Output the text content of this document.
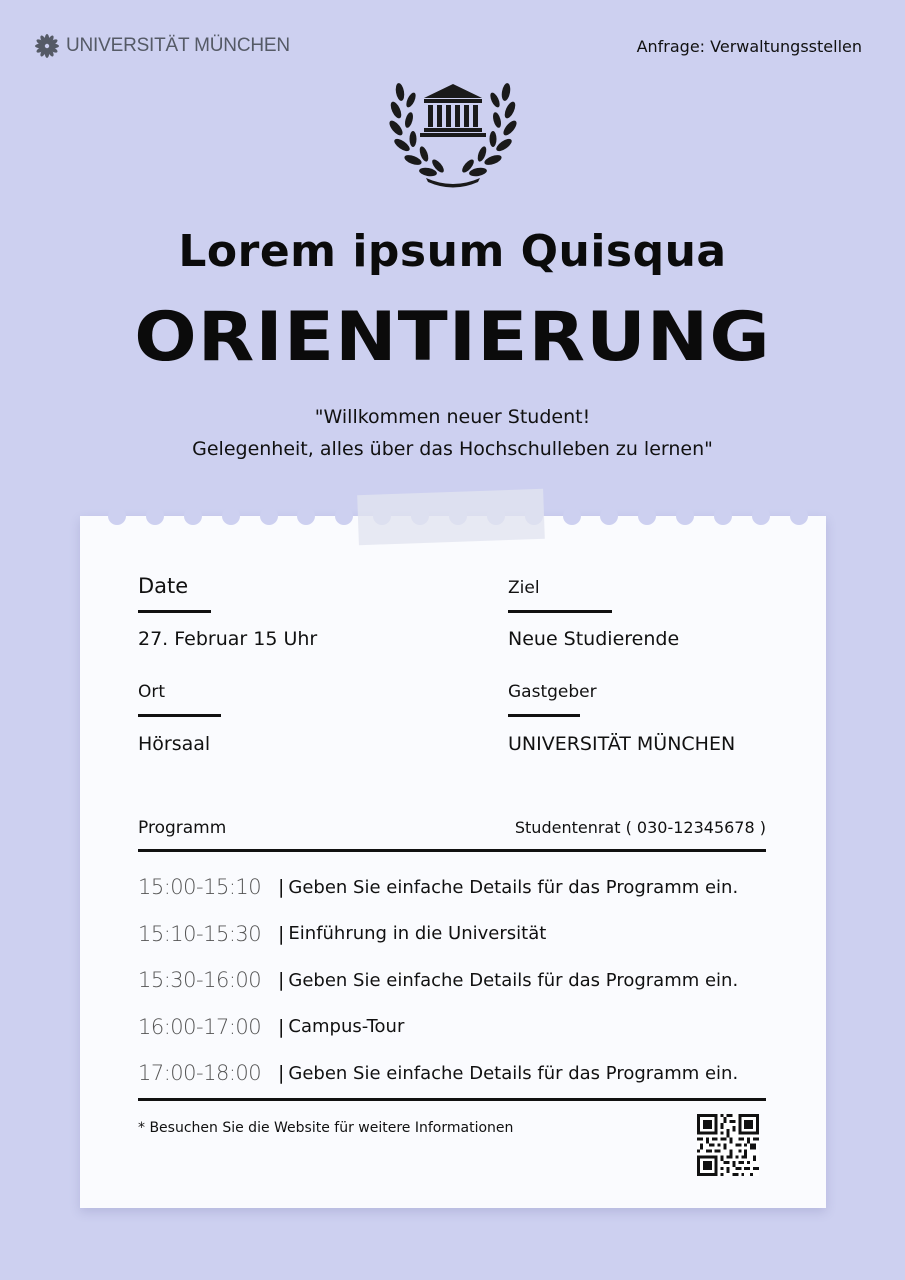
UNIVERSITÄT MÜNCHEN	Anfrage: Verwaltungsstellen
Lorem ipsum Quisqua
ORIENTIERUNG
"Willkommen neuer Student!
Gelegenheit, alles über das Hochschulleben zu lernen"
Date
27. Februar 15 Uhr
Ziel
Neue Studierende
Ort
Hörsaal
Gastgeber
UNIVERSITÄT MÜNCHEN
Programm	Studentenrat ( 030-12345678 )
15:00-15:10 | Geben Sie einfache Details für das Programm ein.
15:10-15:30 | Einführung in die Universität
15:30-16:00 | Geben Sie einfache Details für das Programm ein.
16:00-17:00 | Campus-Tour
17:00-18:00 | Geben Sie einfache Details für das Programm ein.
* Besuchen Sie die Website für weitere Informationen
